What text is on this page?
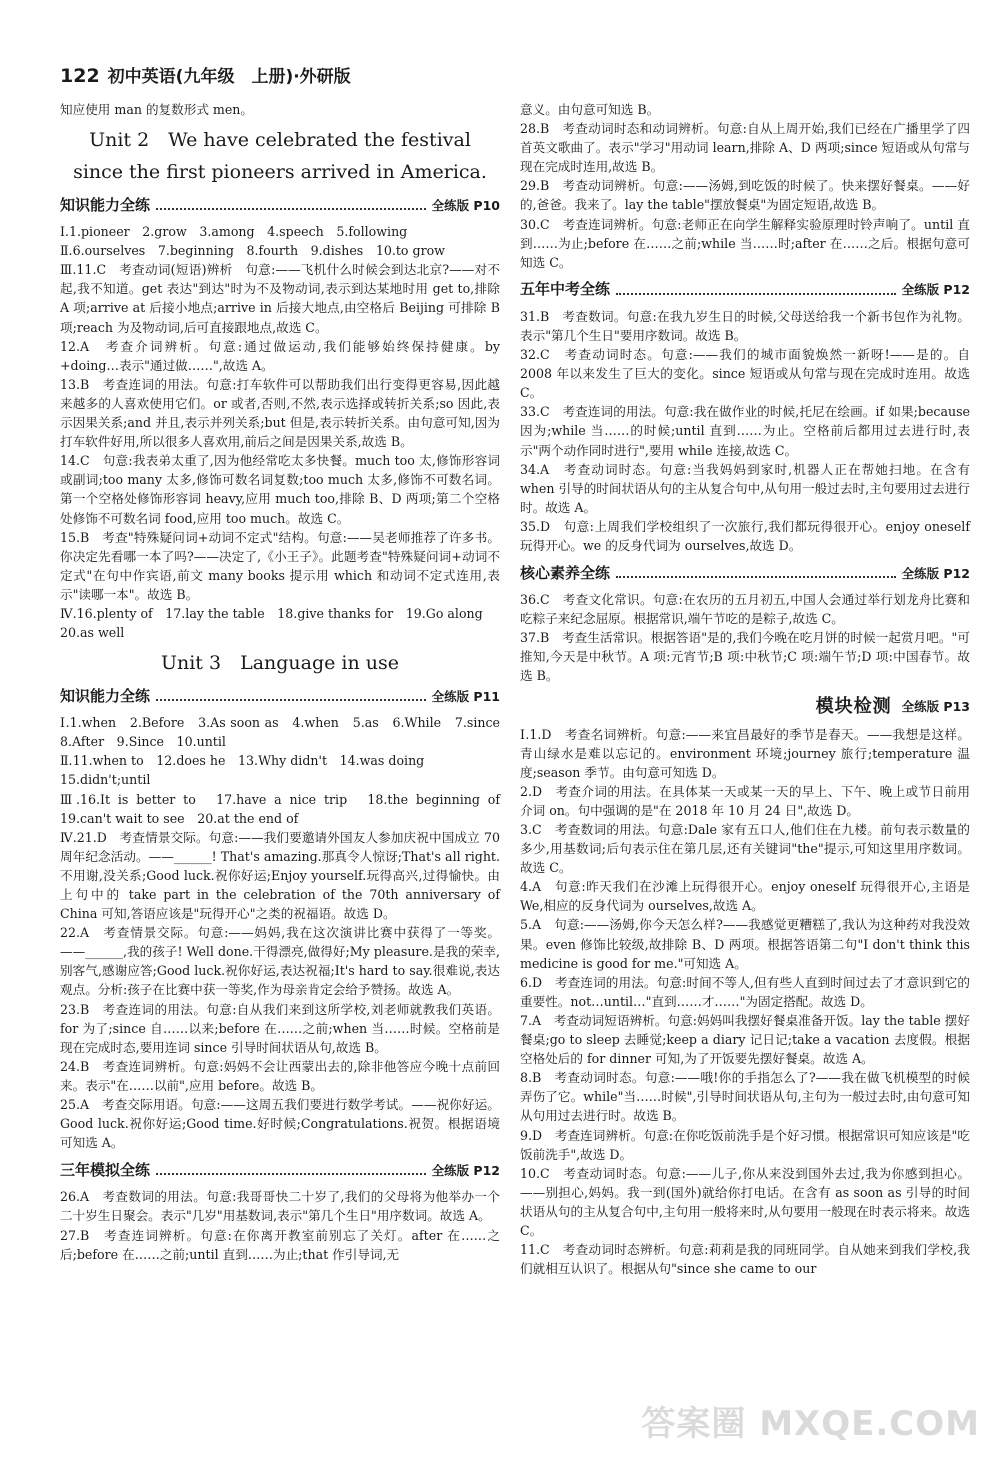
122 初中英语(九年级　上册)·外研版

知应使用 man 的复数形式 men。

Unit 2　We have celebrated the festival
since the first pioneers arrived in America.
知识能力全练	全练版 P10

Ⅰ.1.pioneer　2.grow　3.among　4.speech　5.following

Ⅱ.6.ourselves　7.beginning　8.fourth　9.dishes　10.to grow

Ⅲ.11.C　考查动词(短语)辨析　句意:——飞机什么时候会到达北京?——对不起,我不知道。get 表达"到达"时为不及物动词,表示到达某地时用 get to,排除 A 项;arrive at 后接小地点;arrive in 后接大地点,由空格后 Beijing 可排除 B 项;reach 为及物动词,后可直接跟地点,故选 C。

12.A　考查介词辨析。句意:通过做运动,我们能够始终保持健康。by +doing…表示"通过做……",故选 A。

13.B　考查连词的用法。句意:打车软件可以帮助我们出行变得更容易,因此越来越多的人喜欢使用它们。or 或者,否则,不然,表示选择或转折关系;so 因此,表示因果关系;and 并且,表示并列关系;but 但是,表示转折关系。由句意可知,因为打车软件好用,所以很多人喜欢用,前后之间是因果关系,故选 B。

14.C　句意:我表弟太重了,因为他经常吃太多快餐。much too 太,修饰形容词或副词;too many 太多,修饰可数名词复数;too much 太多,修饰不可数名词。第一个空格处修饰形容词 heavy,应用 much too,排除 B、D 两项;第二个空格处修饰不可数名词 food,应用 too much。故选 C。

15.B　考查"特殊疑问词+动词不定式"结构。句意:——吴老师推荐了许多书。你决定先看哪一本了吗?——决定了,《小王子》。此题考查"特殊疑问词+动词不定式"在句中作宾语,前文 many books 提示用 which 和动词不定式连用,表示"读哪一本"。故选 B。

Ⅳ.16.plenty of　17.lay the table　18.give thanks for　19.Go along

20.as well

Unit 3　Language in use
知识能力全练	全练版 P11

Ⅰ.1.when　2.Before　3.As soon as　4.when　5.as　6.While　7.since　8.After　9.Since　10.until

Ⅱ.11.when to　12.does he　13.Why didn't　14.was doing

15.didn't;until

Ⅲ.16.It is better to　17.have a nice trip　18.the beginning of　19.can't wait to see　20.at the end of

Ⅳ.21.D　考查情景交际。句意:——我们要邀请外国友人参加庆祝中国成立 70 周年纪念活动。——______! That's amazing.那真令人惊讶;That's all right.不用谢,没关系;Good luck.祝你好运;Enjoy yourself.玩得高兴,过得愉快。由上句中的 take part in the celebration of the 70th anniversary of China 可知,答语应该是"玩得开心"之类的祝福语。故选 D。

22.A　考查情景交际。句意:——妈妈,我在这次演讲比赛中获得了一等奖。——______,我的孩子! Well done.干得漂亮,做得好;My pleasure.是我的荣幸,别客气,感谢应答;Good luck.祝你好运,表达祝福;It's hard to say.很难说,表达观点。分析:孩子在比赛中获一等奖,作为母亲肯定会给予赞扬。故选 A。

23.B　考查连词的用法。句意:自从我们来到这所学校,刘老师就教我们英语。for 为了;since 自……以来;before 在……之前;when 当……时候。空格前是现在完成时态,要用连词 since 引导时间状语从句,故选 B。

24.B　考查连词辨析。句意:妈妈不会让西蒙出去的,除非他答应今晚十点前回来。表示"在……以前",应用 before。故选 B。

25.A　考查交际用语。句意:——这周五我们要进行数学考试。——祝你好运。Good luck.祝你好运;Good time.好时候;Congratulations.祝贺。根据语境可知选 A。

三年模拟全练	全练版 P12

26.A　考查数词的用法。句意:我哥哥快二十岁了,我们的父母将为他举办一个二十岁生日聚会。表示"几岁"用基数词,表示"第几个生日"用序数词。故选 A。

27.B　考查连词辨析。句意:在你离开教室前别忘了关灯。after 在……之后;before 在……之前;until 直到……为止;that 作引导词,无

意义。由句意可知选 B。

28.B　考查动词时态和动词辨析。句意:自从上周开始,我们已经在广播里学了四首英文歌曲了。表示"学习"用动词 learn,排除 A、D 两项;since 短语或从句常与现在完成时连用,故选 B。

29.B　考查动词辨析。句意:——汤姆,到吃饭的时候了。快来摆好餐桌。——好的,爸爸。我来了。lay the table"摆放餐桌"为固定短语,故选 B。

30.C　考查连词辨析。句意:老师正在向学生解释实验原理时铃声响了。until 直到……为止;before 在……之前;while 当……时;after 在……之后。根据句意可知选 C。

五年中考全练	全练版 P12

31.B　考查数词。句意:在我九岁生日的时候,父母送给我一个新书包作为礼物。表示"第几个生日"要用序数词。故选 B。

32.C　考查动词时态。句意:——我们的城市面貌焕然一新呀!——是的。自 2008 年以来发生了巨大的变化。since 短语或从句常与现在完成时连用。故选 C。

33.C　考查连词的用法。句意:我在做作业的时候,托尼在绘画。if 如果;because 因为;while 当……的时候;until 直到……为止。空格前后都用过去进行时,表示"两个动作同时进行",要用 while 连接,故选 C。

34.A　考查动词时态。句意:当我妈妈到家时,机器人正在帮她扫地。在含有 when 引导的时间状语从句的主从复合句中,从句用一般过去时,主句要用过去进行时。故选 A。

35.D　句意:上周我们学校组织了一次旅行,我们都玩得很开心。enjoy oneself 玩得开心。we 的反身代词为 ourselves,故选 D。

核心素养全练	全练版 P12

36.C　考查文化常识。句意:在农历的五月初五,中国人会通过举行划龙舟比赛和吃粽子来纪念屈原。根据常识,端午节吃的是粽子,故选 C。

37.B　考查生活常识。根据答语"是的,我们今晚在吃月饼的时候一起赏月吧。"可推知,今天是中秋节。A 项:元宵节;B 项:中秋节;C 项:端午节;D 项:中国春节。故选 B。

模块检测 全练版 P13

Ⅰ.1.D　考查名词辨析。句意:——来宜昌最好的季节是春天。——我想是这样。青山绿水是难以忘记的。environment 环境;journey 旅行;temperature 温度;season 季节。由句意可知选 D。

2.D　考查介词的用法。在具体某一天或某一天的早上、下午、晚上或节日前用介词 on。句中强调的是"在 2018 年 10 月 24 日",故选 D。

3.C　考查数词的用法。句意:Dale 家有五口人,他们住在九楼。前句表示数量的多少,用基数词;后句表示住在第几层,还有关键词"the"提示,可知这里用序数词。故选 C。

4.A　句意:昨天我们在沙滩上玩得很开心。enjoy oneself 玩得很开心,主语是 We,相应的反身代词为 ourselves,故选 A。

5.A　句意:——汤姆,你今天怎么样?——我感觉更糟糕了,我认为这种药对我没效果。even 修饰比较级,故排除 B、D 两项。根据答语第二句"I don't think this medicine is good for me."可知选 A。

6.D　考查连词的用法。句意:时间不等人,但有些人直到时间过去了才意识到它的重要性。not…until…"直到……才……"为固定搭配。故选 D。

7.A　考查动词短语辨析。句意:妈妈叫我摆好餐桌准备开饭。lay the table 摆好餐桌;go to sleep 去睡觉;keep a diary 记日记;take a vacation 去度假。根据空格处后的 for dinner 可知,为了开饭要先摆好餐桌。故选 A。

8.B　考查动词时态。句意:——哦!你的手指怎么了?——我在做飞机模型的时候弄伤了它。while"当……时候",引导时间状语从句,主句为一般过去时,由句意可知从句用过去进行时。故选 B。

9.D　考查连词辨析。句意:在你吃饭前洗手是个好习惯。根据常识可知应该是"吃饭前洗手",故选 D。

10.C　考查动词时态。句意:——儿子,你从来没到国外去过,我为你感到担心。——别担心,妈妈。我一到(国外)就给你打电话。在含有 as soon as 引导的时间状语从句的主从复合句中,主句用一般将来时,从句要用一般现在时表示将来。故选 C。

11.C　考查动词时态辨析。句意:莉莉是我的同班同学。自从她来到我们学校,我们就相互认识了。根据从句"since she came to our

答案圈 MXQE.COM
